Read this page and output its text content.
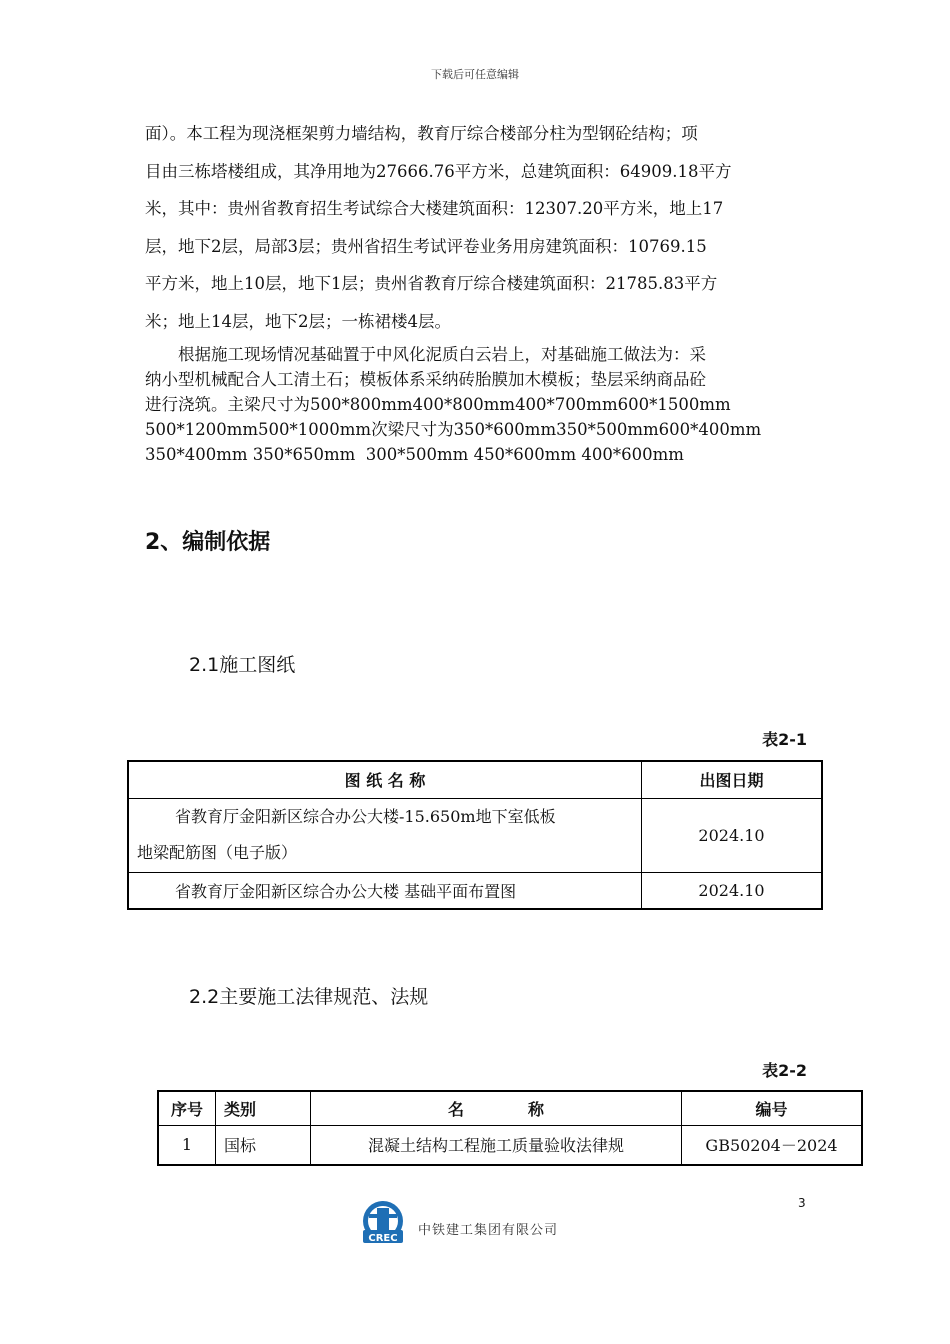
下载后可任意编辑
面）。本工程为现浇框架剪力墙结构，教育厅综合楼部分柱为型钢砼结构；项
目由三栋塔楼组成，其净用地为27666.76平方米，总建筑面积：64909.18平方
米，其中：贵州省教育招生考试综合大楼建筑面积：12307.20平方米，地上17
层，地下2层，局部3层；贵州省招生考试评卷业务用房建筑面积：10769.15
平方米，地上10层，地下1层；贵州省教育厅综合楼建筑面积：21785.83平方
米；地上14层，地下2层；一栋裙楼4层。
根据施工现场情况基础置于中风化泥质白云岩上，对基础施工做法为：采
纳小型机械配合人工清土石；模板体系采纳砖胎膜加木模板；垫层采纳商品砼
进行浇筑。主梁尺寸为500*800mm400*800mm400*700mm600*1500mm
500*1200mm500*1000mm次梁尺寸为350*600mm350*500mm600*400mm
350*400mm 350*650mm  300*500mm 450*600mm 400*600mm
2、编制依据
2.1施工图纸
表2-1
图 纸 名 称	出图日期

省教育厅金阳新区综合办公大楼-15.650m地下室低板
地梁配筋图（电子版）	2024.10

省教育厅金阳新区综合办公大楼 基础平面布置图	2024.10
2.2主要施工法律规范、法规
表2-2
序号	类别	名　　　　称	编号
1	国标	混凝土结构工程施工质量验收法律规	GB50204－2024
3
CREC
中铁建工集团有限公司
